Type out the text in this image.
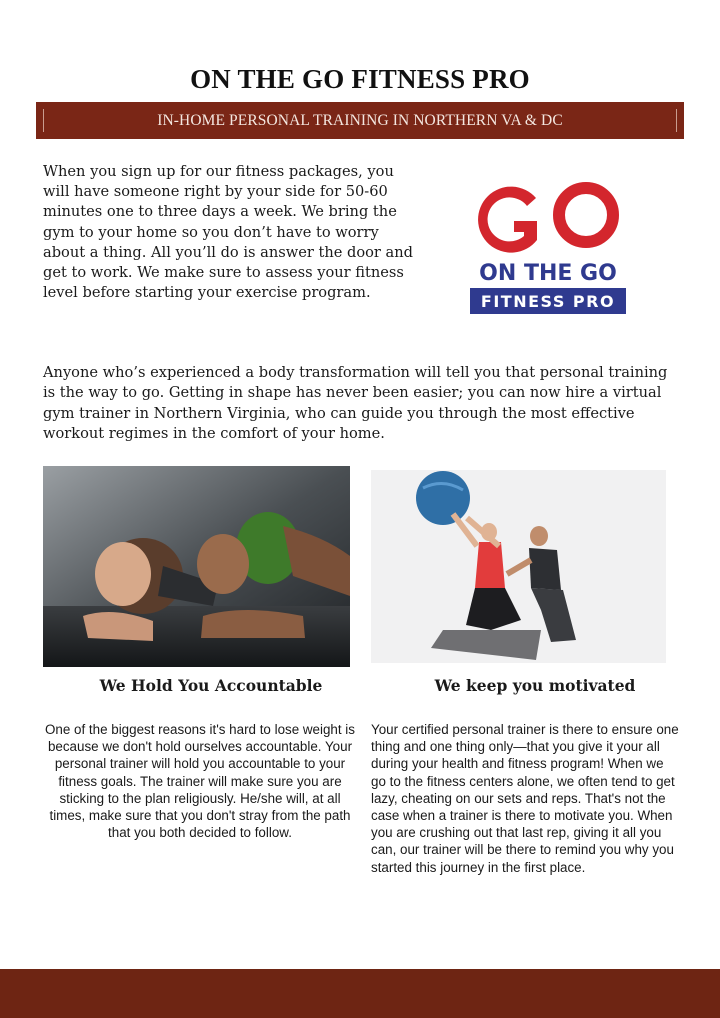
ON THE GO FITNESS PRO
IN-HOME PERSONAL TRAINING IN NORTHERN VA & DC
When you sign up for our fitness packages, you will have someone right by your side for 50-60 minutes one to three days a week. We bring the gym to your home so you don’t have to worry about a thing. All you’ll do is answer the door and get to work. We make sure to assess your fitness level before starting your exercise program.
ON THE GO
FITNESS PRO
Anyone who’s experienced a body transformation will tell you that personal training is the way to go. Getting in shape has never been easier; you can now hire a virtual gym trainer in Northern Virginia, who can guide you through the most effective workout regimes in the comfort of your home.
We Hold You Accountable	We keep you motivated
One of the biggest reasons it's hard to lose weight is because we don't hold ourselves accountable. Your personal trainer will hold you accountable to your fitness goals. The trainer will make sure you are sticking to the plan religiously. He/she will, at all times, make sure that you don't stray from the path that you both decided to follow.
Your certified personal trainer is there to ensure one thing and one thing only—that you give it your all during your health and fitness program! When we go to the fitness centers alone, we often tend to get lazy, cheating on our sets and reps. That's not the case when a trainer is there to motivate you. When you are crushing out that last rep, giving it all you can, our trainer will be there to remind you why you started this journey in the first place.
